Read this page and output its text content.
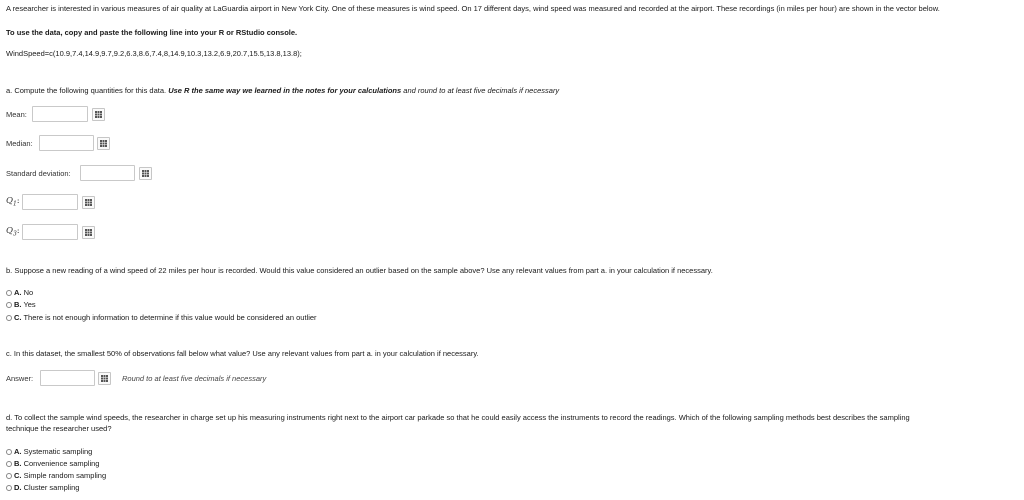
A researcher is interested in various measures of air quality at LaGuardia airport in New York City. One of these measures is wind speed. On 17 different days, wind speed was measured and recorded at the airport. These recordings (in miles per hour) are shown in the vector below.
To use the data, copy and paste the following line into your R or RStudio console.
WindSpeed=c(10.9,7.4,14.9,9.7,9.2,6.3,8.6,7.4,8,14.9,10.3,13.2,6.9,20.7,15.5,13.8,13.8);
a. Compute the following quantities for this data. Use R the same way we learned in the notes for your calculations and round to at least five decimals if necessary
Mean:
Median:
Standard deviation:
$Q_1$:
$Q_3$:
b. Suppose a new reading of a wind speed of 22 miles per hour is recorded. Would this value considered an outlier based on the sample above? Use any relevant values from part a. in your calculation if necessary.
A. No
B. Yes
C. There is not enough information to determine if this value would be considered an outlier
c. In this dataset, the smallest 50% of observations fall below what value? Use any relevant values from part a. in your calculation if necessary.
Answer:	Round to at least five decimals if necessary
d. To collect the sample wind speeds, the researcher in charge set up his measuring instruments right next to the airport car parkade so that he could easily access the instruments to record the readings. Which of the following sampling methods best describes the sampling
technique the researcher used?
A. Systematic sampling
B. Convenience sampling
C. Simple random sampling
D. Cluster sampling
